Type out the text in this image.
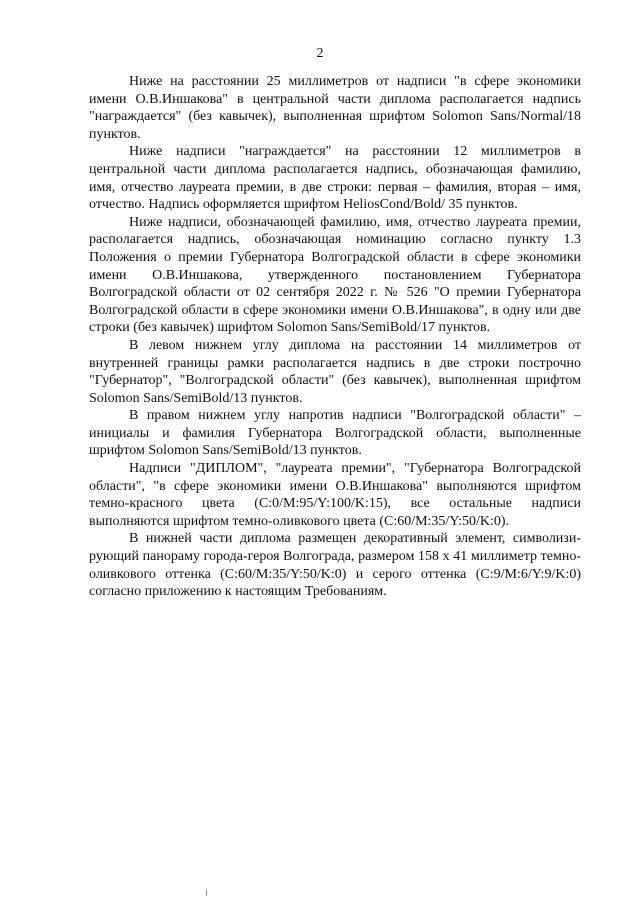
2

Ниже на расстоянии 25 миллиметров от надписи "в сфере экономики имени О.В.Иншакова" в центральной части диплома располагается надпись "награждается" (без кавычек), выполненная шрифтом Solomon Sans/Normal/18 пунктов.

Ниже надписи "награждается" на расстоянии 12 миллиметров в центральной части диплома располагается надпись, обозначающая фамилию, имя, отчество лауреата премии, в две строки: первая – фамилия, вторая – имя, отчество. Надпись оформляется шрифтом HeliosCond/Bold/ 35 пунктов.

Ниже надписи, обозначающей фамилию, имя, отчество лауреата премии, располагается надпись, обозначающая номинацию согласно пункту 1.3 Положения о премии Губернатора Волгоградской области в сфере экономики имени О.В.Иншакова, утвержденного постановлением Губернатора Волгоградской области от 02 сентября 2022 г. № 526 "О премии Губернатора Волгоградской области в сфере экономики имени О.В.Иншакова", в одну или две строки (без кавычек) шрифтом Solomon Sans/SemiBold/17 пунктов.

В левом нижнем углу диплома на расстоянии 14 миллиметров от внутренней границы рамки располагается надпись в две строки построчно "Губернатор", "Волгоградской области" (без кавычек), выполненная шрифтом Solomon Sans/SemiBold/13 пунктов.

В правом нижнем углу напротив надписи "Волгоградской области" – инициалы и фамилия Губернатора Волгоградской области, выполненные шрифтом Solomon Sans/SemiBold/13 пунктов.

Надписи "ДИПЛОМ", "лауреата премии", "Губернатора Волгоградской области", "в сфере экономики имени О.В.Иншакова" выполняются шрифтом темно-красного цвета (C:0/M:95/Y:100/K:15), все остальные надписи выполняются шрифтом темно-оливкового цвета (C:60/M:35/Y:50/K:0).

В нижней части диплома размещен декоративный элемент, символизирующий панораму города-героя Волгограда, размером 158 x 41 миллиметр темно-оливкового оттенка (C:60/M:35/Y:50/K:0) и серого оттенка (C:9/M:6/Y:9/K:0) согласно приложению к настоящим Требованиям.
